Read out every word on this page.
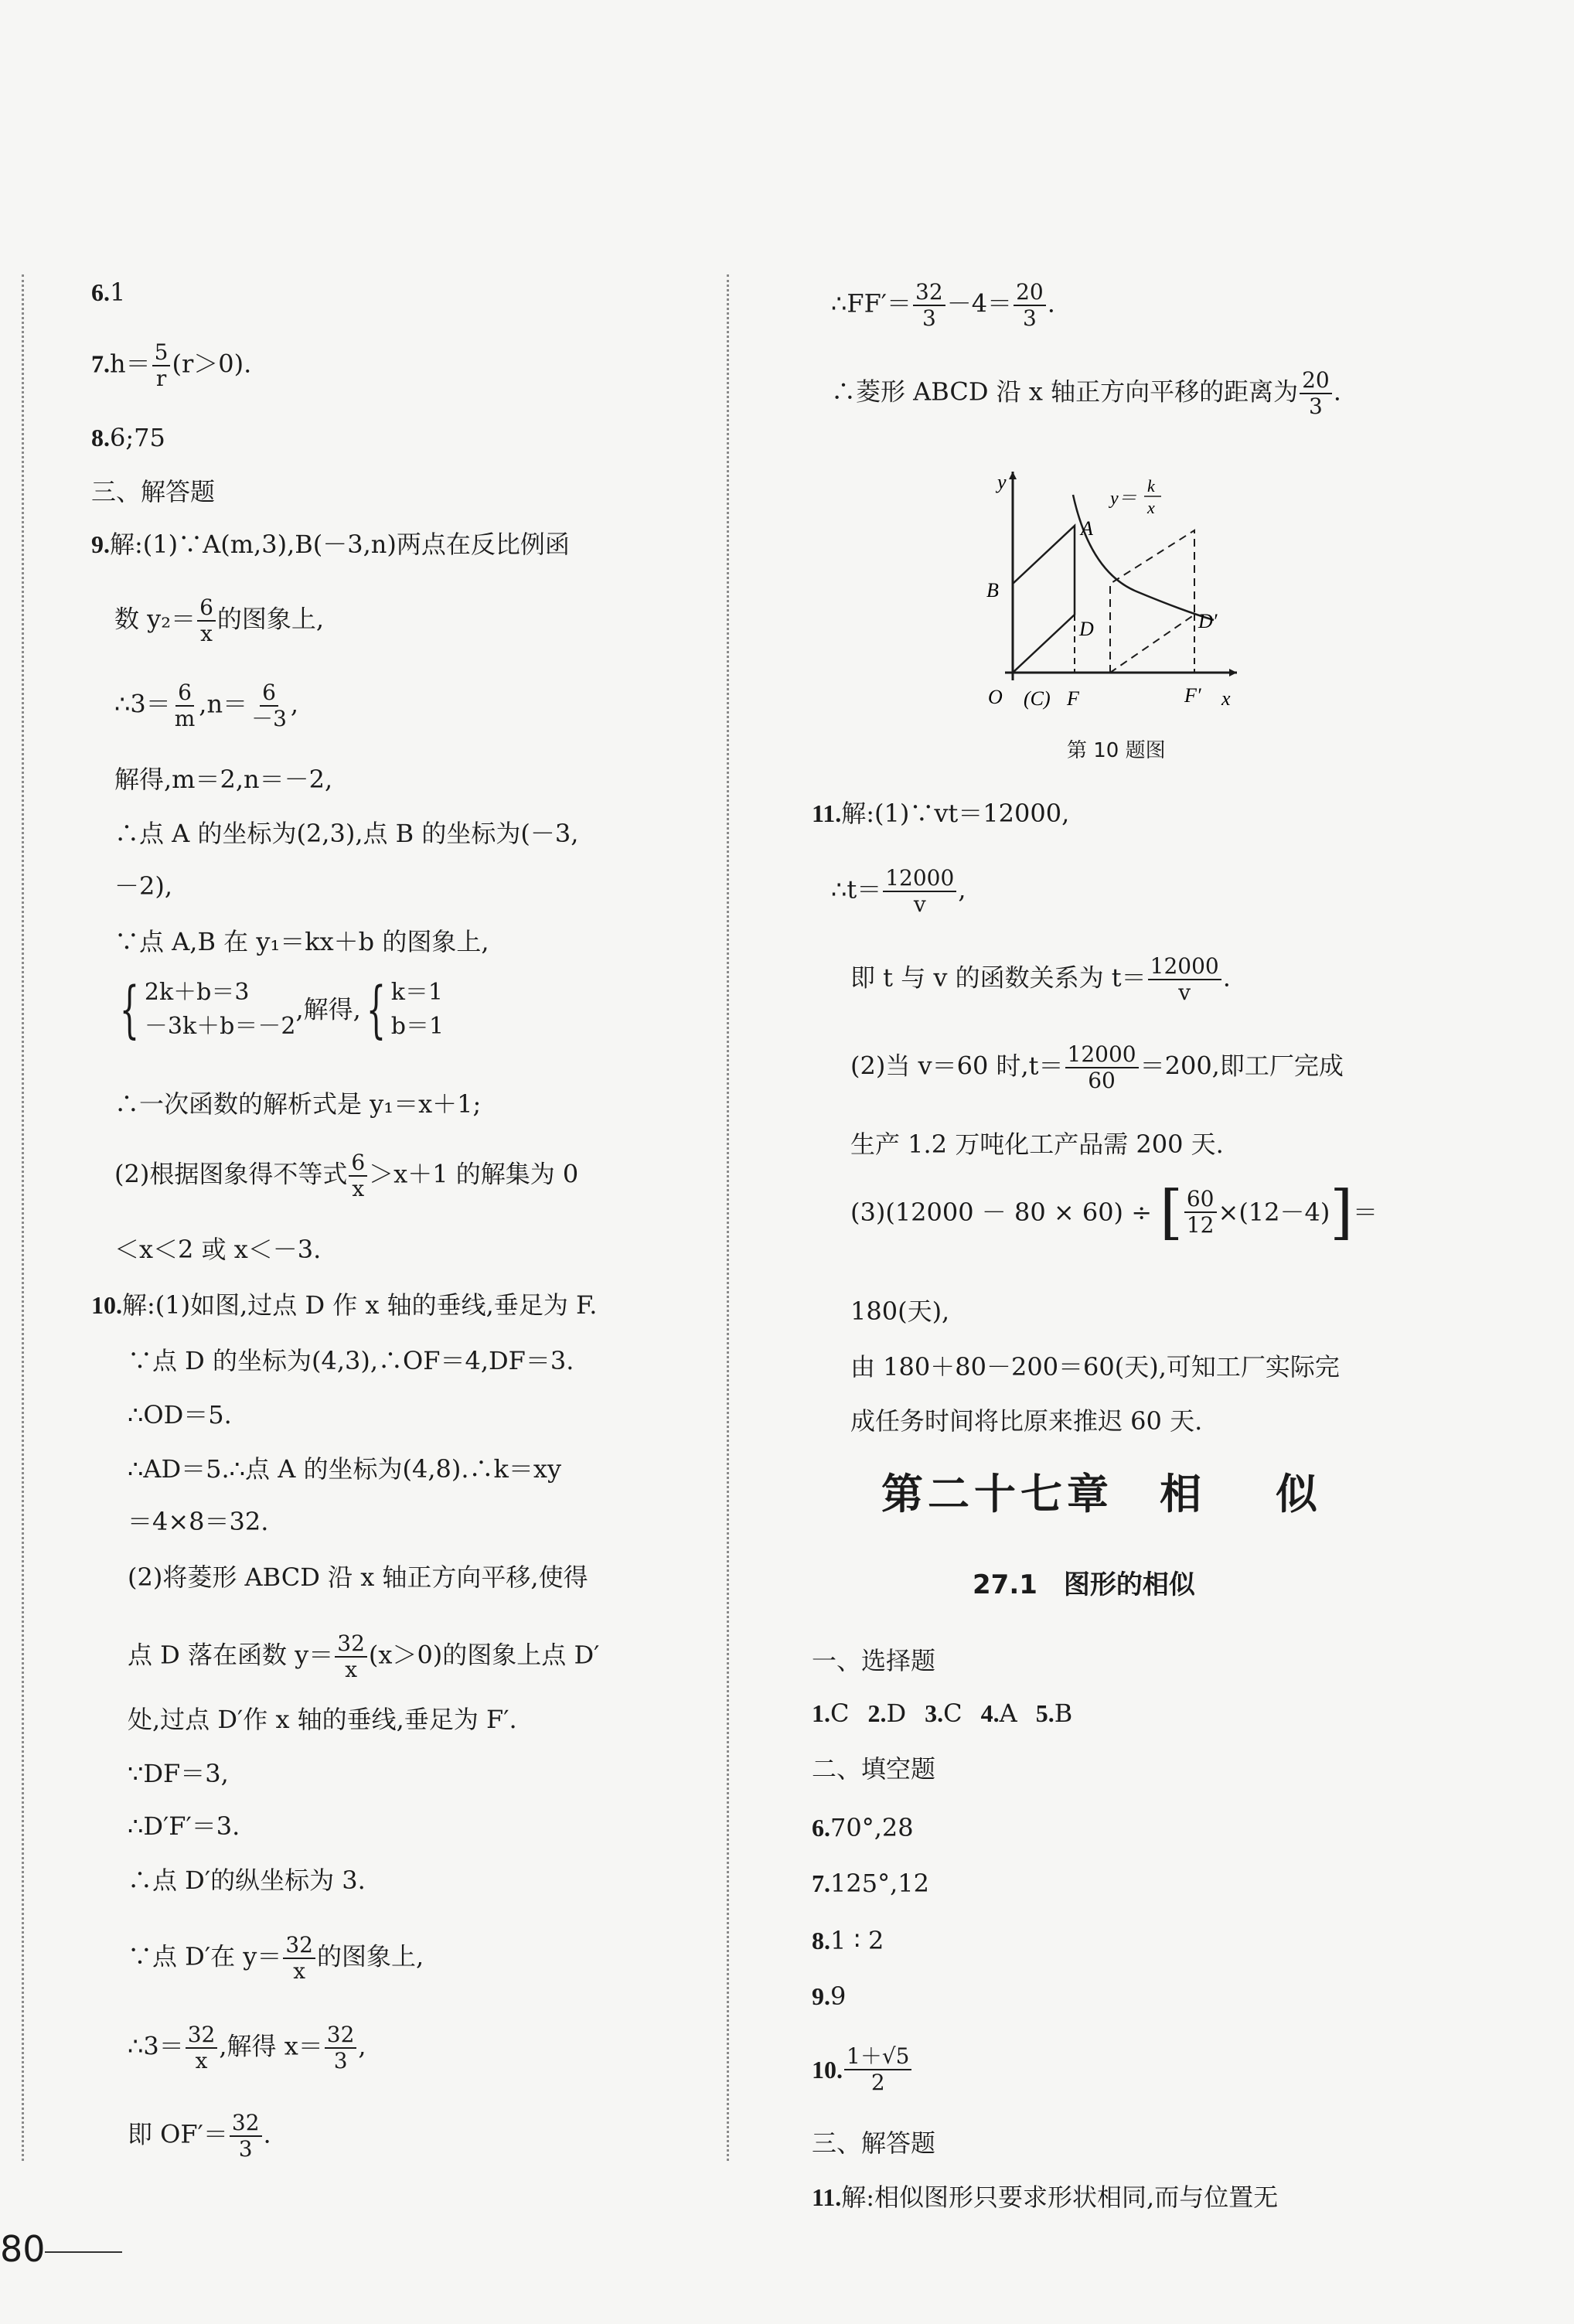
6.1
$7.h= \frac{5}{r} (r>0)$.
8.6;75
三、解答题
9.解:(1)∵A(m,3),B(－3,n)两点在反比例函
数 $y_2= \frac{6}{x}$ 的图象上,
∴3＝ $\frac{6}{m} ,n= \frac{6}{-3}$ ,
解得,m＝2,n＝－2,
∴点 A 的坐标为(2,3),点 B 的坐标为(－3,
－2),
∵点 A,B 在 y₁＝kx＋b 的图象上,
{ 2k＋b＝3
－3k＋b＝－2
,解得,{ k＝1
b＝1
∴一次函数的解析式是 y₁＝x＋1;
(2)根据图象得不等式 $\frac{6}{x} >x+1$ 的解集为 0
＜x＜2 或 x＜－3.
10.解:(1)如图,过点 D 作 x 轴的垂线,垂足为 F.
∵点 D 的坐标为(4,3),∴OF＝4,DF＝3.
∴OD＝5.
∴AD＝5.∴点 A 的坐标为(4,8).∴k＝xy
＝4×8＝32.
(2)将菱形 ABCD 沿 x 轴正方向平移,使得
点 D 落在函数 $y= \frac{32}{x} (x>0)$的图象上点 D′
处,过点 D′作 x 轴的垂线,垂足为 F′.
∵DF＝3,
∴D′F′＝3.
∴点 D′的纵坐标为 3.
∵点 D′在 $y= \frac{32}{x}$ 的图象上,
∴3＝ $\frac{32}{x}$ ,解得 $x= \frac{32}{3}$ ,
即 $OF'= \frac{32}{3}$ .
∴FF′＝ $\frac{32}{3} -4= \frac{20}{3}$ .
∴菱形 ABCD 沿 x 轴正方向平移的距离为 $\frac{20}{3}$ .
y
y＝
k
x
A
B
D	D′
O (C) F	F′ x
第 10 题图
11.解:(1)∵vt＝12000,
∴t＝ $\frac{12000}{v}$ ,
即 t 与 v 的函数关系为 $t= \frac{12000}{v}$ .
(2)当 v＝60 时$,t= \frac{12000}{60} =200$,即工厂完成
生产 1.2 万吨化工产品需 200 天.
(3)(12000 － 80 × 60) ÷ [ $\frac{60}{12} \times(12-4)]=$
180(天),
由 180＋80－200＝60(天),可知工厂实际完
成任务时间将比原来推迟 60 天.
第二十七章 相 似
27.1 图形的相似
一、选择题
1.C 2.D 3.C 4.A 5.B
二、填空题
6.70°,28
7.125°,12
8.1 ∶ 2
9.9
10. $\frac{1+√5}{2}$
三、解答题
11.解:相似图形只要求形状相同,而与位置无
80
